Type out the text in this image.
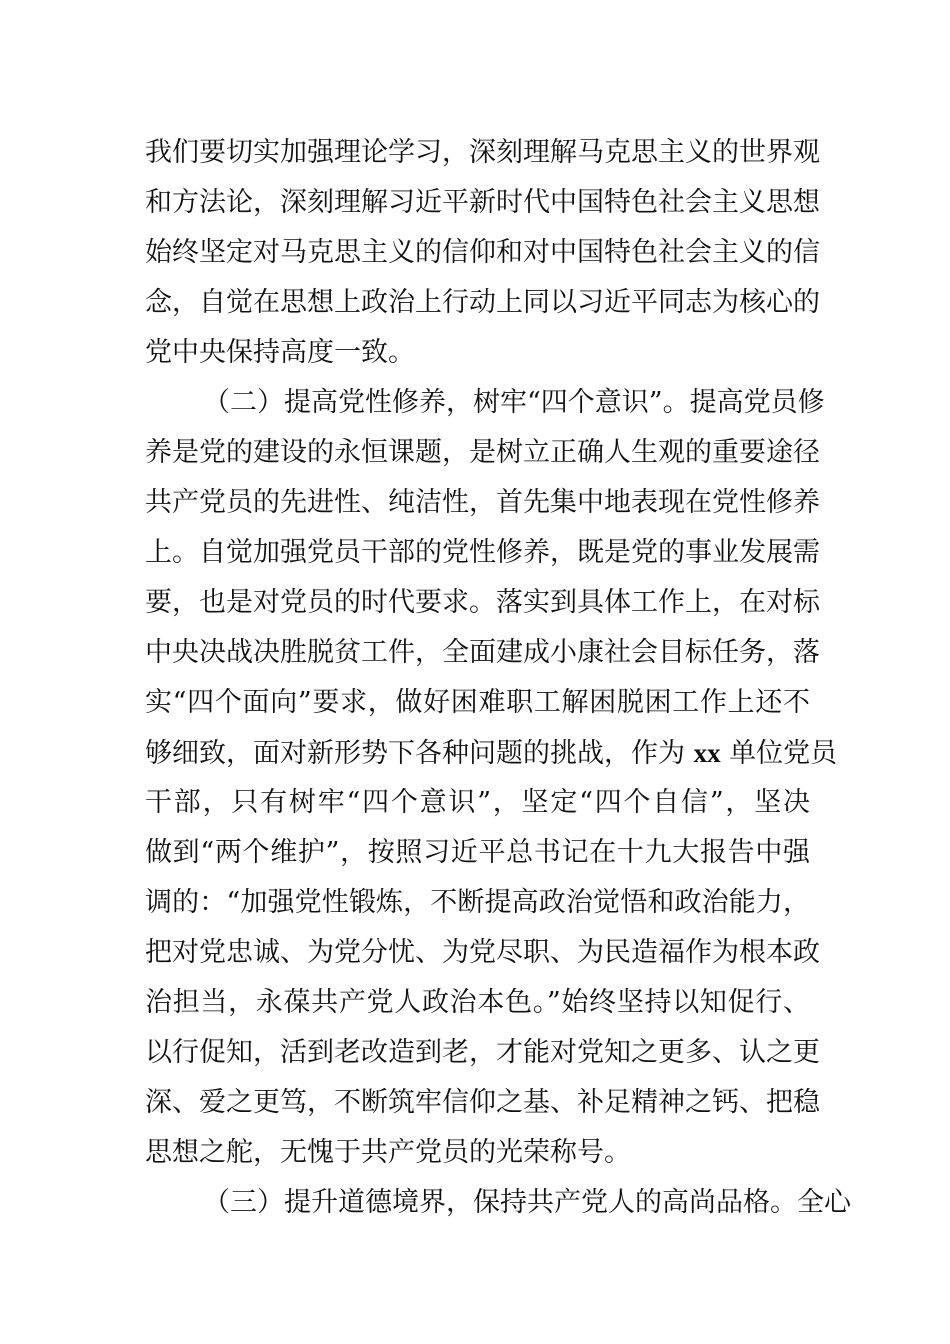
我们要切实加强理论学习，深刻理解马克思主义的世界观
和方法论，深刻理解习近平新时代中国特色社会主义思想
始终坚定对马克思主义的信仰和对中国特色社会主义的信
念，自觉在思想上政治上行动上同以习近平同志为核心的
党中央保持高度一致。
（二）提高党性修养，树牢“四个意识”。提高党员修
养是党的建设的永恒课题，是树立正确人生观的重要途径
共产党员的先进性、纯洁性，首先集中地表现在党性修养
上。自觉加强党员干部的党性修养，既是党的事业发展需
要，也是对党员的时代要求。落实到具体工作上，在对标
中央决战决胜脱贫工件，全面建成小康社会目标任务，落
实“四个面向”要求，做好困难职工解困脱困工作上还不
够细致，面对新形势下各种问题的挑战，作为 xx 单位党员
干部，只有树牢“四个意识”，坚定“四个自信”，坚决
做到“两个维护”，按照习近平总书记在十九大报告中强
调的：“加强党性锻炼，不断提高政治觉悟和政治能力，
把对党忠诚、为党分忧、为党尽职、为民造福作为根本政
治担当，永葆共产党人政治本色。”始终坚持以知促行、
以行促知，活到老改造到老，才能对党知之更多、认之更
深、爱之更笃，不断筑牢信仰之基、补足精神之钙、把稳
思想之舵，无愧于共产党员的光荣称号。
（三）提升道德境界，保持共产党人的高尚品格。全心
